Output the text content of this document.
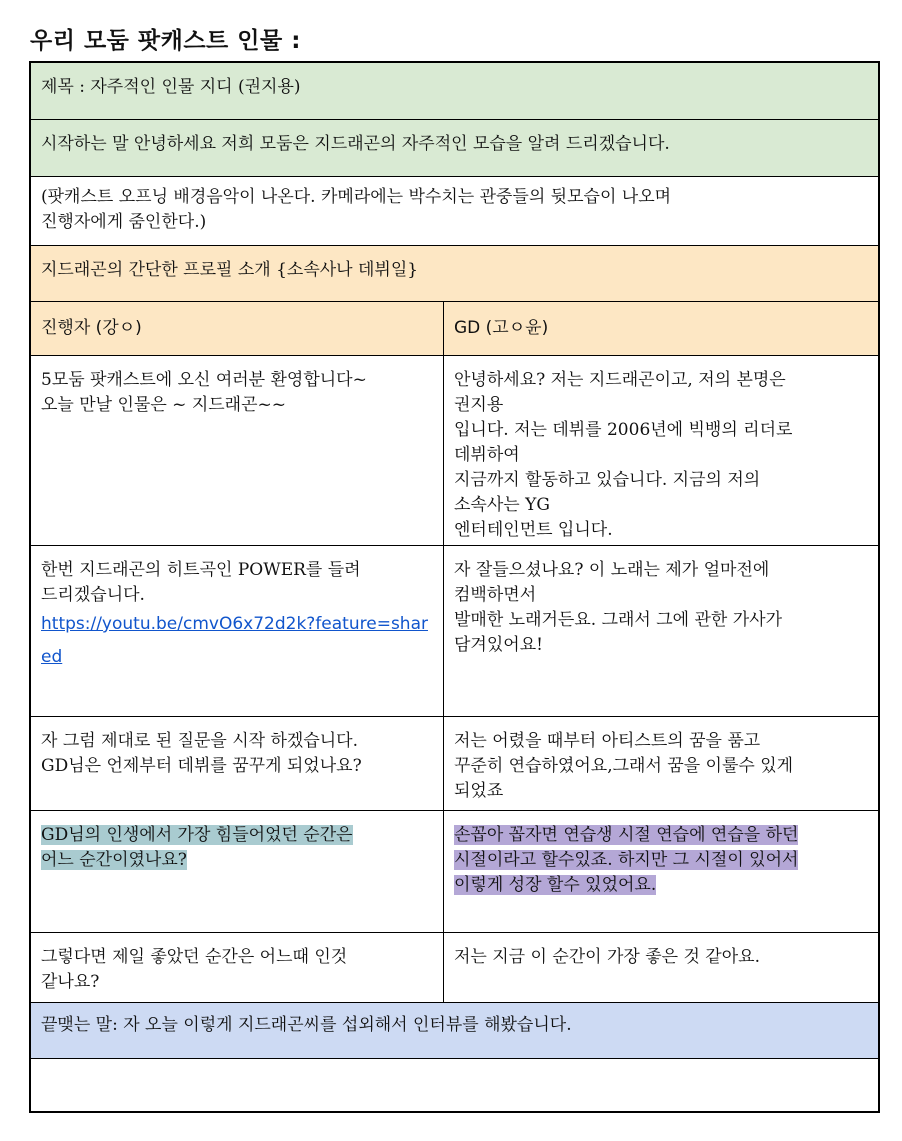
우리 모둠 팟캐스트 인물 :
제목 : 자주적인 인물 지디 (권지용)
시작하는 말 안녕하세요 저희 모둠은 지드래곤의 자주적인 모습을 알려 드리겠습니다.
(팟캐스트 오프닝 배경음악이 나온다. 카메라에는 박수치는 관중들의 뒷모습이 나오며
진행자에게 줌인한다.)
지드래곤의 간단한 프로필 소개 {소속사나 데뷔일}
진행자 (강ㅇ)	GD (고ㅇ윤)
5모둠 팟캐스트에 오신 여러분 환영합니다~
오늘 만날 인물은 ~ 지드래곤~~
안녕하세요? 저는 지드래곤이고, 저의 본명은
권지용
입니다. 저는 데뷔를 2006년에 빅뱅의 리더로
데뷔하여
지금까지 할동하고 있습니다. 지금의 저의
소속사는 YG
엔터테인먼트 입니다.
한번 지드래곤의 히트곡인 POWER를 들려
드리겠습니다.
https://youtu.be/cmvO6x72d2k?feature=shared
자 잘들으셨나요? 이 노래는 제가 얼마전에
컴백하면서
발매한 노래거든요. 그래서 그에 관한 가사가
담겨있어요!
자 그럼 제대로 된 질문을 시작 하겠습니다.
GD님은 언제부터 데뷔를 꿈꾸게 되었나요?
저는 어렸을 때부터 아티스트의 꿈을 품고
꾸준히 연습하였어요,그래서 꿈을 이룰수 있게
되었죠
GD님의 인생에서 가장 힘들어었던 순간은
어느 순간이였나요?
손꼽아 꼽자면 연습생 시절 연습에 연습을 하던
시절이라고 할수있죠. 하지만 그 시절이 있어서
이렇게 성장 할수 있었어요.
그렇다면 제일 좋았던 순간은 어느때 인것
같나요?
저는 지금 이 순간이 가장 좋은 것 같아요.
끝맺는 말: 자 오늘 이렇게 지드래곤씨를 섭외해서 인터뷰를 해봤습니다.
